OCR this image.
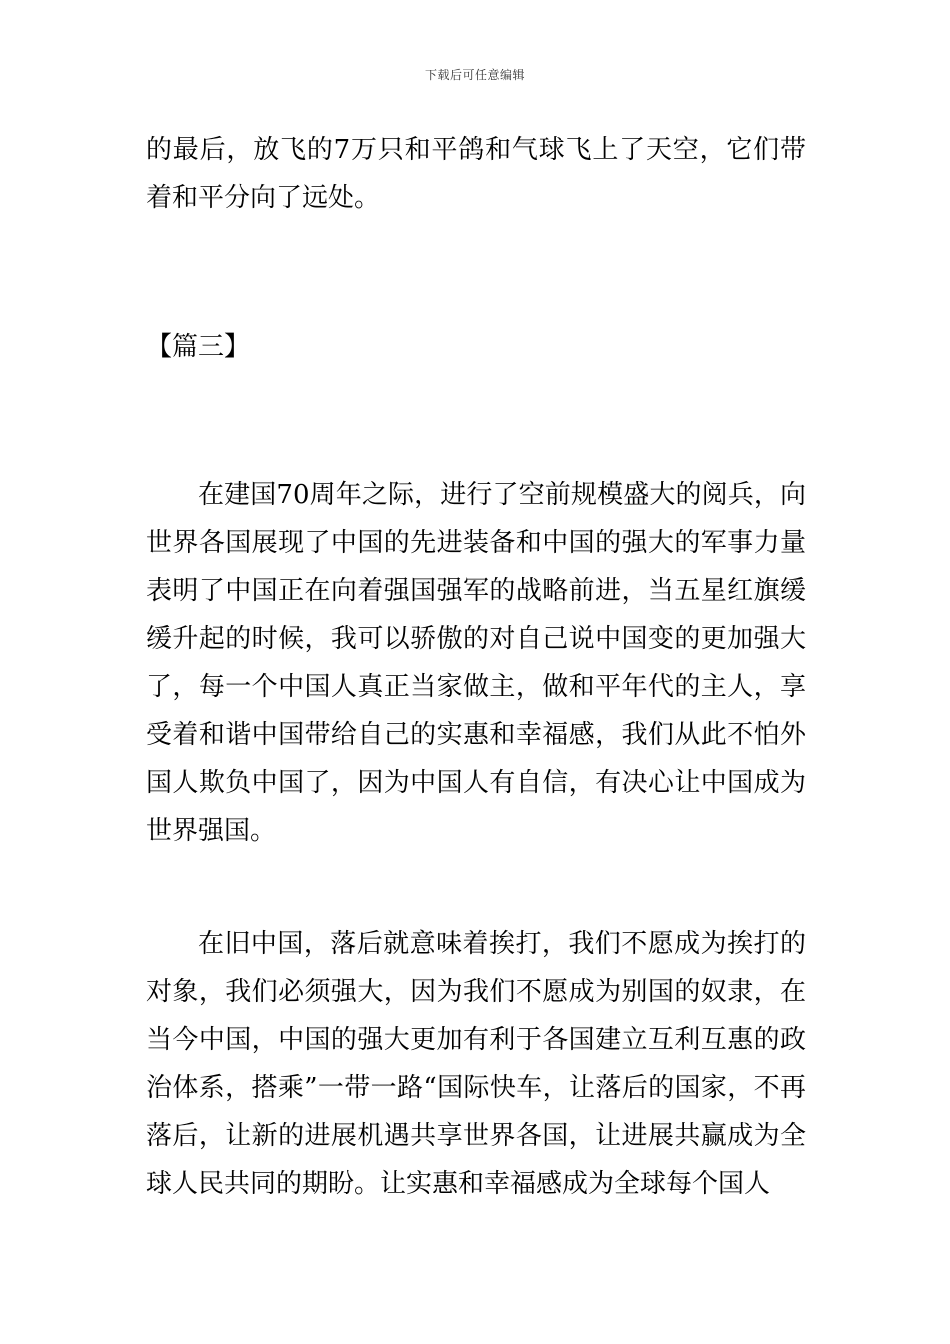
下载后可任意编辑

的最后，放飞的7万只和平鸽和气球飞上了天空，它们带着和平分向了远处。

【篇三】

在建国70周年之际，进行了空前规模盛大的阅兵，向世界各国展现了中国的先进装备和中国的强大的军事力量表明了中国正在向着强国强军的战略前进，当五星红旗缓缓升起的时候，我可以骄傲的对自己说中国变的更加强大了，每一个中国人真正当家做主，做和平年代的主人，享受着和谐中国带给自己的实惠和幸福感，我们从此不怕外国人欺负中国了，因为中国人有自信，有决心让中国成为世界强国。

在旧中国，落后就意味着挨打，我们不愿成为挨打的对象，我们必须强大，因为我们不愿成为别国的奴隶，在当今中国，中国的强大更加有利于各国建立互利互惠的政治体系，搭乘”一带一路“国际快车，让落后的国家，不再落后，让新的进展机遇共享世界各国，让进展共赢成为全球人民共同的期盼。让实惠和幸福感成为全球每个国人
